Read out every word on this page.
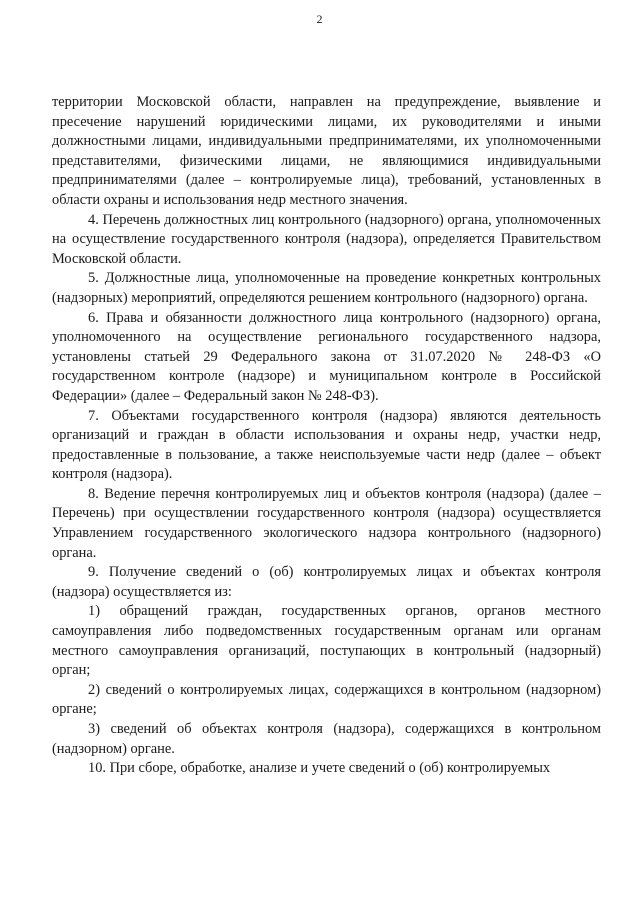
2

территории Московской области, направлен на предупреждение, выявление и пресечение нарушений юридическими лицами, их руководителями и иными должностными лицами, индивидуальными предпринимателями, их уполномоченными представителями, физическими лицами, не являющимися индивидуальными предпринимателями (далее – контролируемые лица), требований, установленных в области охраны и использования недр местного значения.

4. Перечень должностных лиц контрольного (надзорного) органа, уполномоченных на осуществление государственного контроля (надзора), определяется Правительством Московской области.

5. Должностные лица, уполномоченные на проведение конкретных контрольных (надзорных) мероприятий, определяются решением контрольного (надзорного) органа.

6. Права и обязанности должностного лица контрольного (надзорного) органа, уполномоченного на осуществление регионального государственного надзора, установлены статьей 29 Федерального закона от 31.07.2020 № 248-ФЗ «О государственном контроле (надзоре) и муниципальном контроле в Российской Федерации» (далее – Федеральный закон № 248-ФЗ).

7. Объектами государственного контроля (надзора) являются деятельность организаций и граждан в области использования и охраны недр, участки недр, предоставленные в пользование, а также неиспользуемые части недр (далее – объект контроля (надзора).

8. Ведение перечня контролируемых лиц и объектов контроля (надзора) (далее – Перечень) при осуществлении государственного контроля (надзора) осуществляется Управлением государственного экологического надзора контрольного (надзорного) органа.

9. Получение сведений о (об) контролируемых лицах и объектах контроля (надзора) осуществляется из:

1) обращений граждан, государственных органов, органов местного самоуправления либо подведомственных государственным органам или органам местного самоуправления организаций, поступающих в контрольный (надзорный) орган;

2) сведений о контролируемых лицах, содержащихся в контрольном (надзорном) органе;

3) сведений об объектах контроля (надзора), содержащихся в контрольном (надзорном) органе.

10. При сборе, обработке, анализе и учете сведений о (об) контролируемых
